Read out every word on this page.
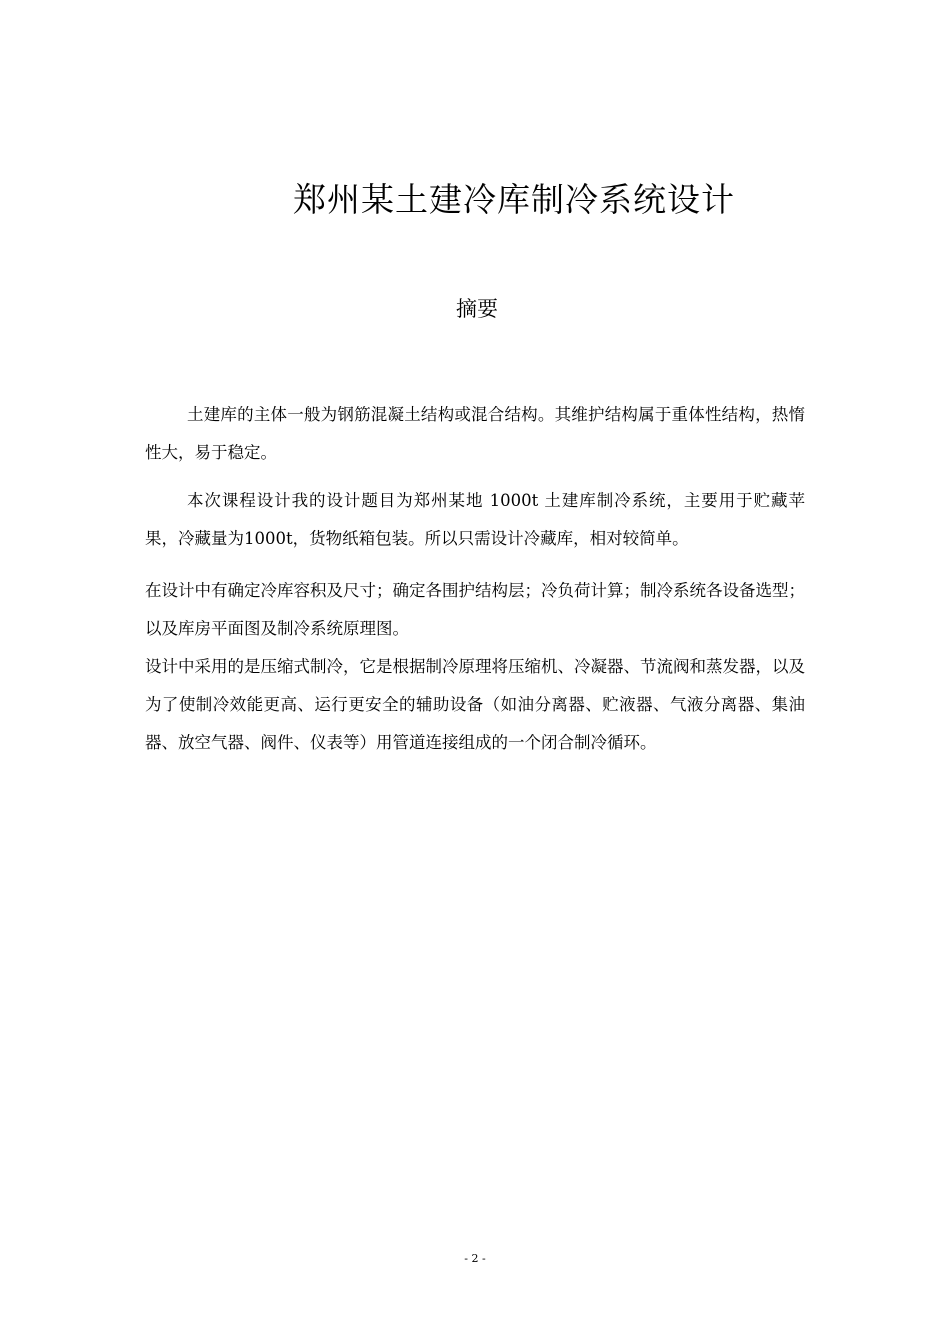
郑州某土建冷库制冷系统设计
摘要

土建库的主体一般为钢筋混凝土结构或混合结构。其维护结构属于重体性结构，热惰性大，易于稳定。

本次课程设计我的设计题目为郑州某地 1000t 土建库制冷系统，主要用于贮藏苹果，冷藏量为1000t，货物纸箱包装。所以只需设计冷藏库，相对较简单。

在设计中有确定冷库容积及尺寸；确定各围护结构层；冷负荷计算；制冷系统各设备选型；以及库房平面图及制冷系统原理图。

设计中采用的是压缩式制冷，它是根据制冷原理将压缩机、冷凝器、节流阀和蒸发器，以及为了使制冷效能更高、运行更安全的辅助设备（如油分离器、贮液器、气液分离器、集油器、放空气器、阀件、仪表等）用管道连接组成的一个闭合制冷循环。

- 2 -
